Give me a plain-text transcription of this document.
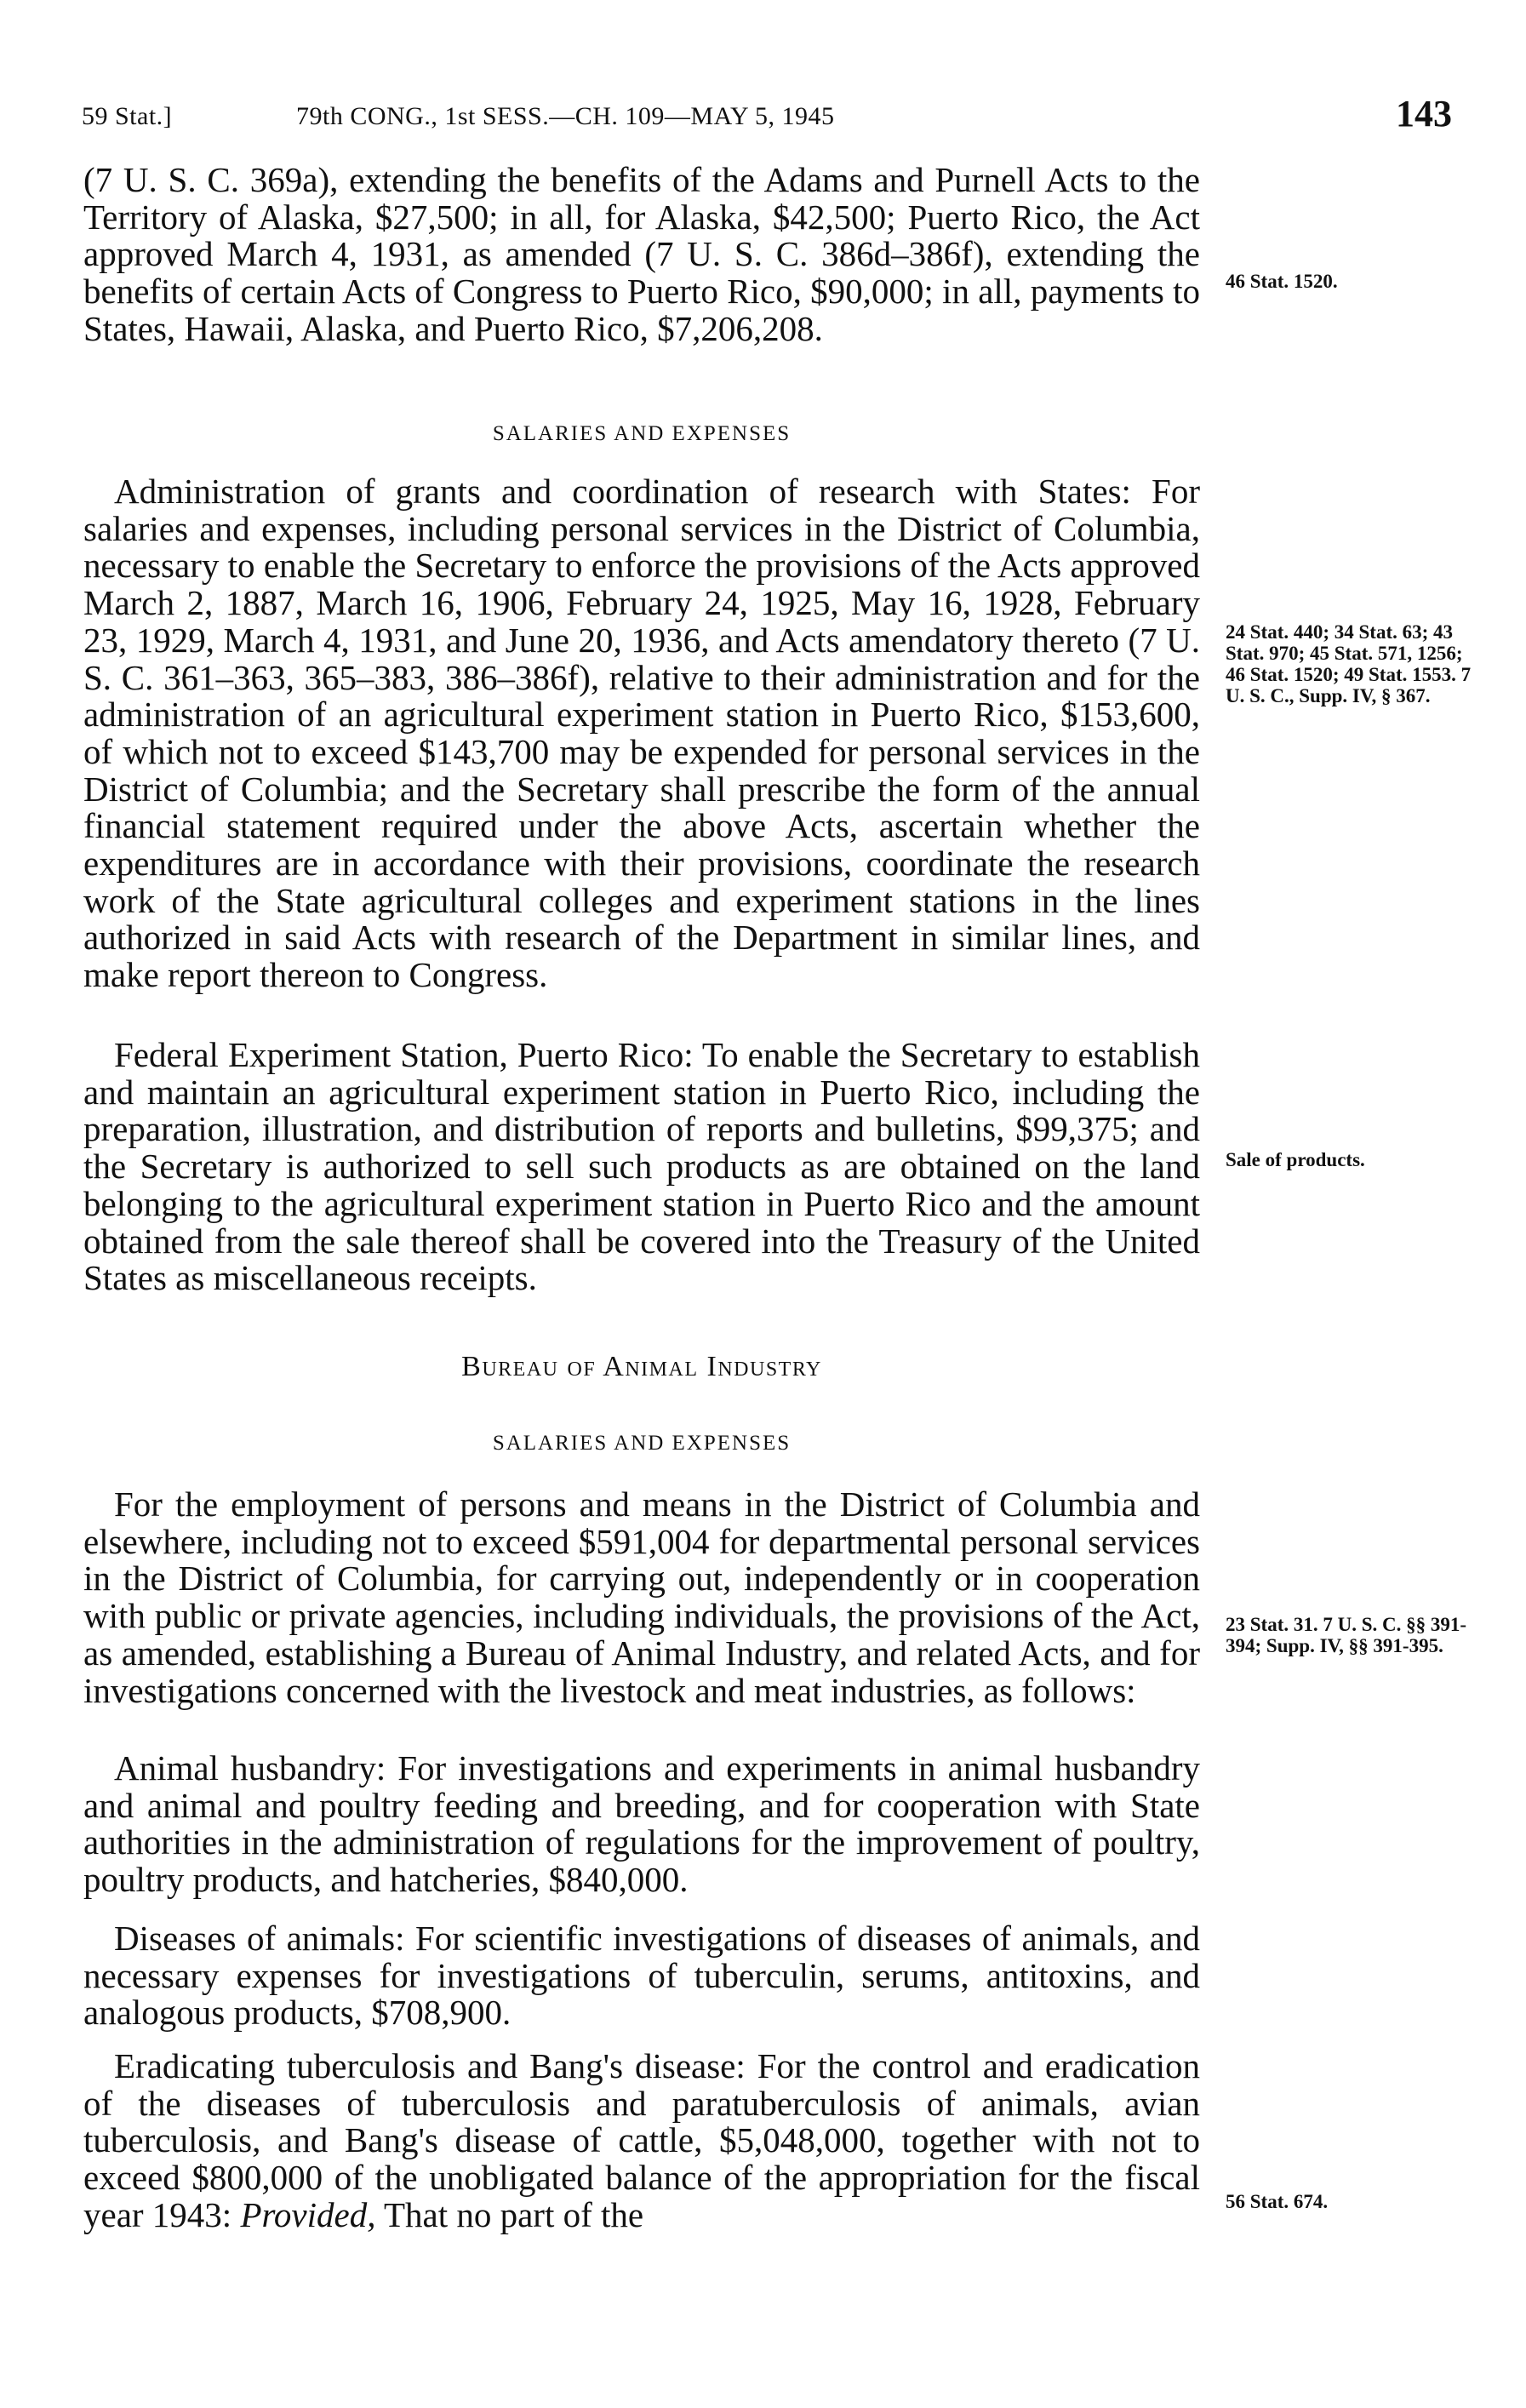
59 Stat.]	79th CONG., 1st SESS.—CH. 109—MAY 5, 1945	143

(7 U. S. C. 369a), extending the benefits of the Adams and Purnell Acts to the Territory of Alaska, $27,500; in all, for Alaska, $42,500; Puerto Rico, the Act approved March 4, 1931, as amended (7 U. S. C. 386d–386f), extending the benefits of certain Acts of Congress to Puerto Rico, $90,000; in all, payments to States, Hawaii, Alaska, and Puerto Rico, $7,206,208.

SALARIES AND EXPENSES

Administration of grants and coordination of research with States: For salaries and expenses, including personal services in the District of Columbia, necessary to enable the Secretary to enforce the provisions of the Acts approved March 2, 1887, March 16, 1906, February 24, 1925, May 16, 1928, February 23, 1929, March 4, 1931, and June 20, 1936, and Acts amendatory thereto (7 U. S. C. 361–363, 365–383, 386–386f), relative to their administration and for the administration of an agricultural experiment station in Puerto Rico, $153,600, of which not to exceed $143,700 may be expended for personal services in the District of Columbia; and the Secretary shall prescribe the form of the annual financial statement required under the above Acts, ascertain whether the expenditures are in accordance with their provisions, coordinate the research work of the State agricultural colleges and experiment stations in the lines authorized in said Acts with research of the Department in similar lines, and make report thereon to Congress.

Federal Experiment Station, Puerto Rico: To enable the Secretary to establish and maintain an agricultural experiment station in Puerto Rico, including the preparation, illustration, and distribution of reports and bulletins, $99,375; and the Secretary is authorized to sell such products as are obtained on the land belonging to the agricultural experiment station in Puerto Rico and the amount obtained from the sale thereof shall be covered into the Treasury of the United States as miscellaneous receipts.

Bureau of Animal Industry
SALARIES AND EXPENSES

For the employment of persons and means in the District of Columbia and elsewhere, including not to exceed $591,004 for departmental personal services in the District of Columbia, for carrying out, independently or in cooperation with public or private agencies, including individuals, the provisions of the Act, as amended, establishing a Bureau of Animal Industry, and related Acts, and for investigations concerned with the livestock and meat industries, as follows:

Animal husbandry: For investigations and experiments in animal husbandry and animal and poultry feeding and breeding, and for cooperation with State authorities in the administration of regulations for the improvement of poultry, poultry products, and hatcheries, $840,000.

Diseases of animals: For scientific investigations of diseases of animals, and necessary expenses for investigations of tuberculin, serums, antitoxins, and analogous products, $708,900.

Eradicating tuberculosis and Bang's disease: For the control and eradication of the diseases of tuberculosis and paratuberculosis of animals, avian tuberculosis, and Bang's disease of cattle, $5,048,000, together with not to exceed $800,000 of the unobligated balance of the appropriation for the fiscal year 1943: Provided, That no part of the

46 Stat. 1520.
24 Stat. 440; 34 Stat. 63; 43 Stat. 970; 45 Stat. 571, 1256; 46 Stat. 1520; 49 Stat. 1553. 7 U. S. C., Supp. IV, § 367.
Sale of products.
23 Stat. 31. 7 U. S. C. §§ 391-394; Supp. IV, §§ 391-395.
56 Stat. 674.
